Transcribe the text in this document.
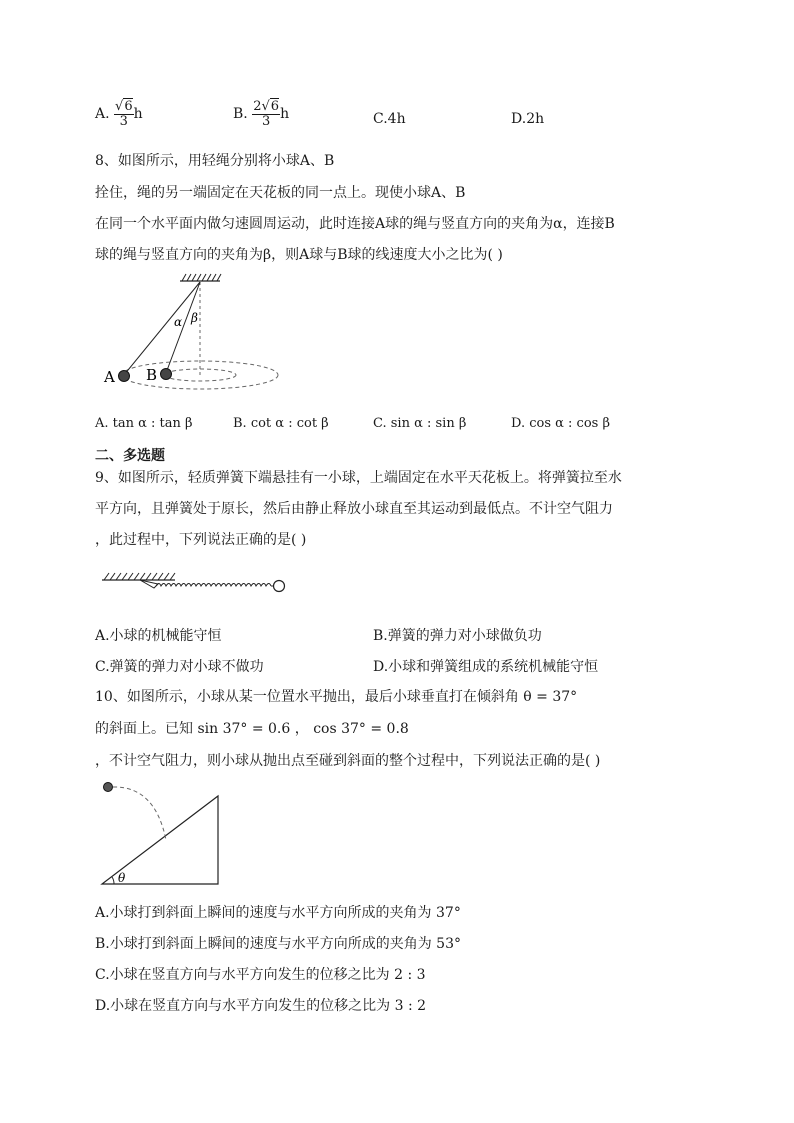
A. $\frac{√6}{3}$ h	B. $\frac{2√6}{3}$ h	C.4h	D.2h
8、如图所示，用轻绳分别将小球A、B
拴住，绳的另一端固定在天花板的同一点上。现使小球A、B
在同一个水平面内做匀速圆周运动，此时连接A球的绳与竖直方向的夹角为α，连接B
球的绳与竖直方向的夹角为β，则A球与B球的线速度大小之比为( )
A B
α β
A. tan α : tan β	B. cot α : cot β	C. sin α : sin β	D. cos α : cos β
二、多选题
9、如图所示，轻质弹簧下端悬挂有一小球，上端固定在水平天花板上。将弹簧拉至水
平方向，且弹簧处于原长，然后由静止释放小球直至其运动到最低点。不计空气阻力
，此过程中，下列说法正确的是( )
A.小球的机械能守恒	B.弹簧的弹力对小球做负功
C.弹簧的弹力对小球不做功	D.小球和弹簧组成的系统机械能守恒
10、如图所示，小球从某一位置水平抛出，最后小球垂直打在倾斜角 θ = 37°
的斜面上。已知 sin 37° = 0.6 ， cos 37° = 0.8
，不计空气阻力，则小球从抛出点至碰到斜面的整个过程中，下列说法正确的是( )
θ
A.小球打到斜面上瞬间的速度与水平方向所成的夹角为 37°
B.小球打到斜面上瞬间的速度与水平方向所成的夹角为 53°
C.小球在竖直方向与水平方向发生的位移之比为 2 : 3
D.小球在竖直方向与水平方向发生的位移之比为 3 : 2
